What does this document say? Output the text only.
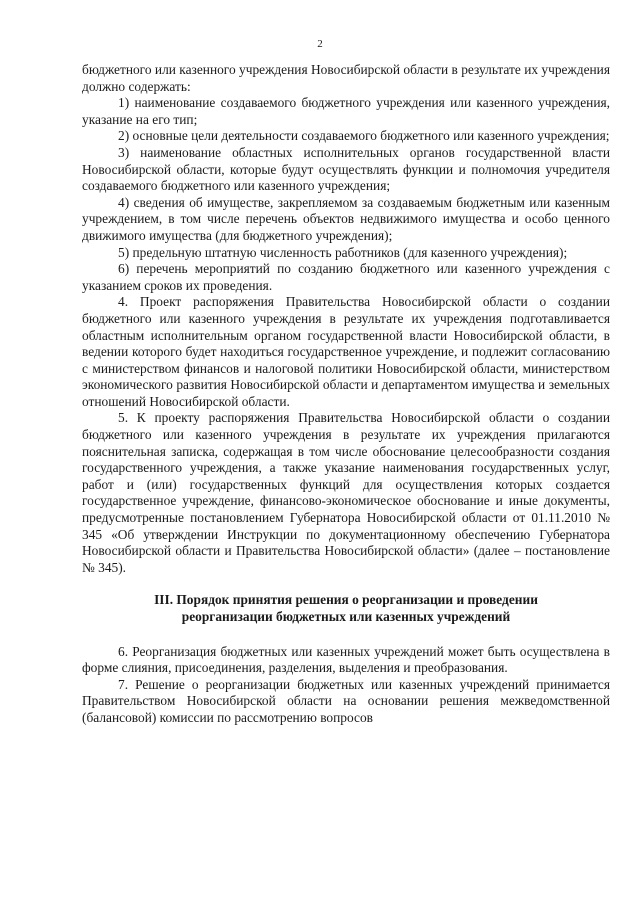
2

бюджетного или казенного учреждения Новосибирской области в результате их учреждения должно содержать:

1) наименование создаваемого бюджетного учреждения или казенного учреждения, указание на его тип;

2) основные цели деятельности создаваемого бюджетного или казенного учреждения;

3) наименование областных исполнительных органов государственной власти Новосибирской области, которые будут осуществлять функции и полномочия учредителя создаваемого бюджетного или казенного учреждения;

4) сведения об имуществе, закрепляемом за создаваемым бюджетным или казенным учреждением, в том числе перечень объектов недвижимого имущества и особо ценного движимого имущества (для бюджетного учреждения);

5) предельную штатную численность работников (для казенного учреждения);

6) перечень мероприятий по созданию бюджетного или казенного учреждения с указанием сроков их проведения.

4. Проект распоряжения Правительства Новосибирской области о создании бюджетного или казенного учреждения в результате их учреждения подготавливается областным исполнительным органом государственной власти Новосибирской области, в ведении которого будет находиться государственное учреждение, и подлежит согласованию с министерством финансов и налоговой политики Новосибирской области, министерством экономического развития Новосибирской области и департаментом имущества и земельных отношений Новосибирской области.

5. К проекту распоряжения Правительства Новосибирской области о создании бюджетного или казенного учреждения в результате их учреждения прилагаются пояснительная записка, содержащая в том числе обоснование целесообразности создания государственного учреждения, а также указание наименования государственных услуг, работ и (или) государственных функций для осуществления которых создается государственное учреждение, финансово-экономическое обоснование и иные документы, предусмотренные постановлением Губернатора Новосибирской области от 01.11.2010 № 345 «Об утверждении Инструкции по документационному обеспечению Губернатора Новосибирской области и Правительства Новосибирской области» (далее – постановление № 345).

III. Порядок принятия решения о реорганизации и проведении
реорганизации бюджетных или казенных учреждений

6. Реорганизация бюджетных или казенных учреждений может быть осуществлена в форме слияния, присоединения, разделения, выделения и преобразования.

7. Решение о реорганизации бюджетных или казенных учреждений принимается Правительством Новосибирской области на основании решения межведомственной (балансовой) комиссии по рассмотрению вопросов
